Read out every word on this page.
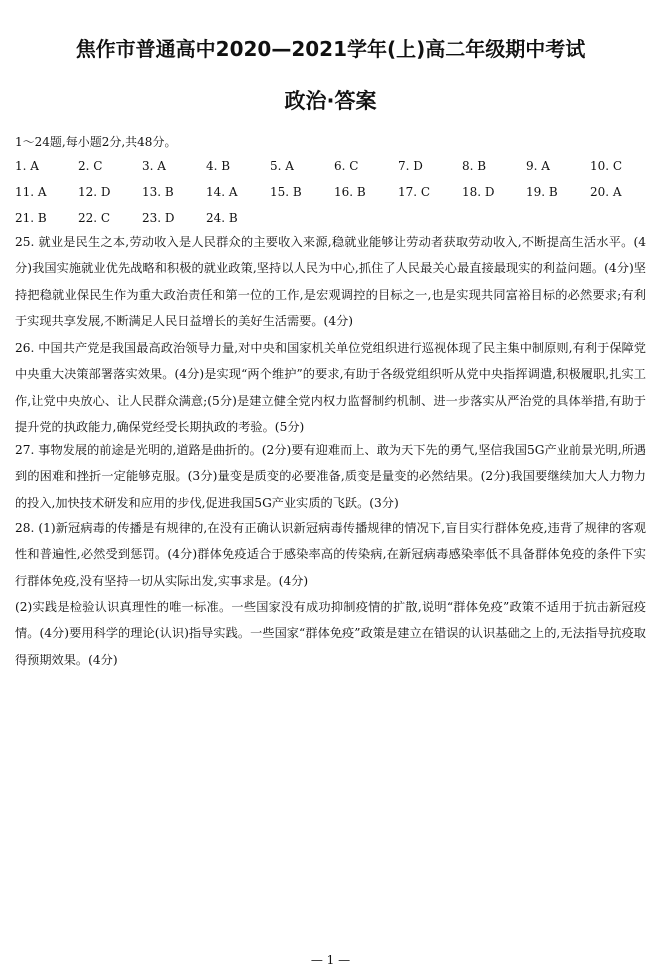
焦作市普通高中2020—2021学年(上)高二年级期中考试
政治·答案
1～24题,每小题2分,共48分。
1. A	2. C	3. A	4. B	5. A	6. C	7. D	8. B	9. A	10. C
11. A	12. D	13. B	14. A	15. B	16. B	17. C	18. D	19. B	20. A
21. B	22. C	23. D	24. B
25. 就业是民生之本,劳动收入是人民群众的主要收入来源,稳就业能够让劳动者获取劳动收入,不断提高生活水平。(4分)我国实施就业优先战略和积极的就业政策,坚持以人民为中心,抓住了人民最关心最直接最现实的利益问题。(4分)坚持把稳就业保民生作为重大政治责任和第一位的工作,是宏观调控的目标之一,也是实现共同富裕目标的必然要求;有利于实现共享发展,不断满足人民日益增长的美好生活需要。(4分)
26. 中国共产党是我国最高政治领导力量,对中央和国家机关单位党组织进行巡视体现了民主集中制原则,有利于保障党中央重大决策部署落实效果。(4分)是实现“两个维护”的要求,有助于各级党组织听从党中央指挥调遣,积极履职,扎实工作,让党中央放心、让人民群众满意;(5分)是建立健全党内权力监督制约机制、进一步落实从严治党的具体举措,有助于提升党的执政能力,确保党经受长期执政的考验。(5分)
27. 事物发展的前途是光明的,道路是曲折的。(2分)要有迎难而上、敢为天下先的勇气,坚信我国5G产业前景光明,所遇到的困难和挫折一定能够克服。(3分)量变是质变的必要准备,质变是量变的必然结果。(2分)我国要继续加大人力物力的投入,加快技术研发和应用的步伐,促进我国5G产业实质的飞跃。(3分)
28. (1)新冠病毒的传播是有规律的,在没有正确认识新冠病毒传播规律的情况下,盲目实行群体免疫,违背了规律的客观性和普遍性,必然受到惩罚。(4分)群体免疫适合于感染率高的传染病,在新冠病毒感染率低不具备群体免疫的条件下实行群体免疫,没有坚持一切从实际出发,实事求是。(4分)
(2)实践是检验认识真理性的唯一标准。一些国家没有成功抑制疫情的扩散,说明“群体免疫”政策不适用于抗击新冠疫情。(4分)要用科学的理论(认识)指导实践。一些国家“群体免疫”政策是建立在错误的认识基础之上的,无法指导抗疫取得预期效果。(4分)
— 1 —
